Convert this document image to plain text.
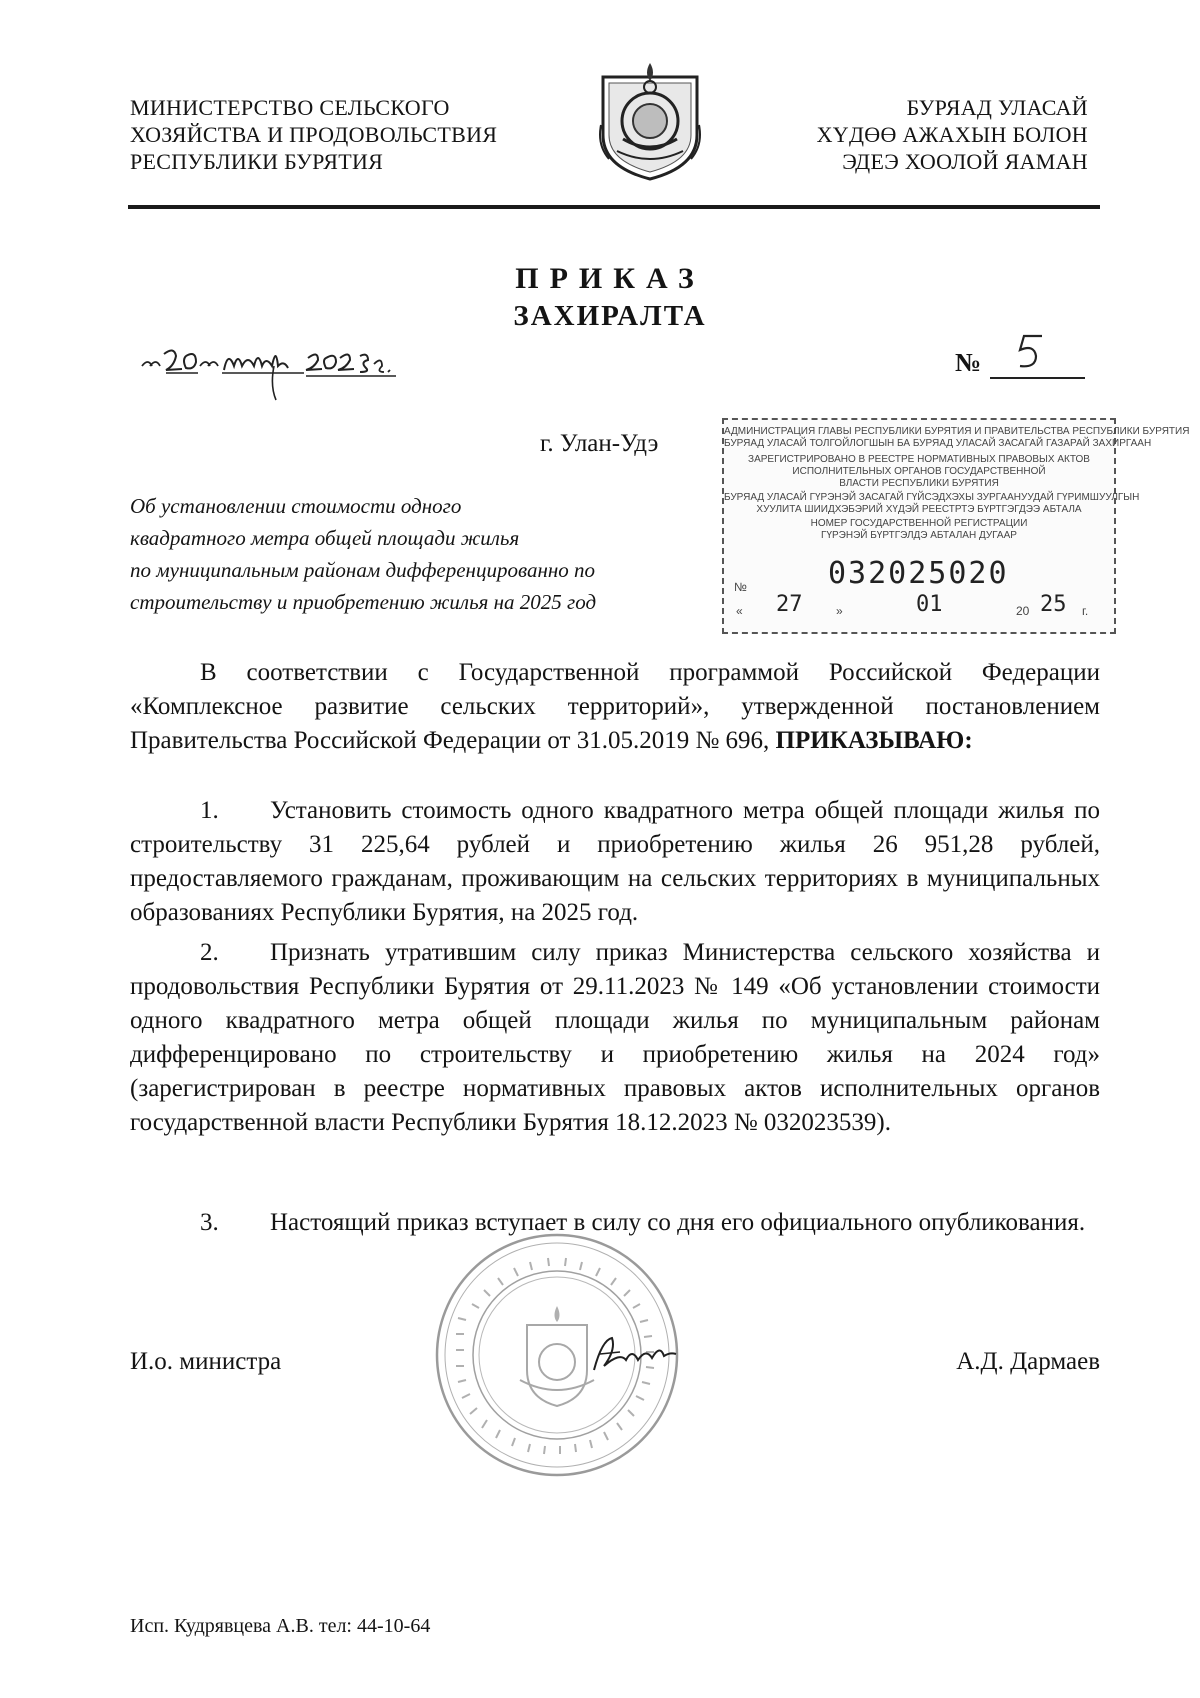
МИНИСТЕРСТВО СЕЛЬСКОГО
ХОЗЯЙСТВА И ПРОДОВОЛЬСТВИЯ
РЕСПУБЛИКИ БУРЯТИЯ
БУРЯАД УЛАСАЙ
ХҮДӨӨ АЖАХЫН БОЛОН
ЭДЕЭ ХООЛОЙ ЯАМАН
ПРИКАЗ
ЗАХИРАЛТА
№
г. Улан-Удэ
Об установлении стоимости одного
квадратного метра общей площади жилья
по муниципальным районам дифференцированно по
строительству и приобретению жилья на 2025 год
АДМИНИСТРАЦИЯ ГЛАВЫ РЕСПУБЛИКИ БУРЯТИЯ И ПРАВИТЕЛЬСТВА РЕСПУБЛИКИ БУРЯТИЯ
БУРЯАД УЛАСАЙ ТОЛГОЙЛОГШЫН БА БУРЯАД УЛАСАЙ ЗАСАГАЙ ГАЗАРАЙ ЗАХИРГААН
ЗАРЕГИСТРИРОВАНО В РЕЕСТРЕ НОРМАТИВНЫХ ПРАВОВЫХ АКТОВ
ИСПОЛНИТЕЛЬНЫХ ОРГАНОВ ГОСУДАРСТВЕННОЙ
ВЛАСТИ РЕСПУБЛИКИ БУРЯТИЯ
БУРЯАД УЛАСАЙ ГҮРЭНЭЙ ЗАСАГАЙ ГҮЙСЭДХЭХЫ ЗУРГААНУУДАЙ ГҮРИМШУУЛГЫН
ХУУЛИТА ШИИДХЭБЭРИЙ ХҮДЭЙ РЕЕСТРТЭ БҮРТГЭГДЭЭ АБТАЛА
НОМЕР ГОСУДАРСТВЕННОЙ РЕГИСТРАЦИИ
ГҮРЭНЭЙ БҮРТГЭЛДЭ АБТАЛАН ДУГААР
№	032025020
« 27	»	01	20 25 г.

В соответствии с Государственной программой Российской Федерации «Комплексное развитие сельских территорий», утвержденной постановлением Правительства Российской Федерации от 31.05.2019 № 696, ПРИКАЗЫВАЮ:

1. Установить стоимость одного квадратного метра общей площади жилья по строительству 31 225,64 рублей и приобретению жилья 26 951,28 рублей, предоставляемого гражданам, проживающим на сельских территориях в муниципальных образованиях Республики Бурятия, на 2025 год.

2. Признать утратившим силу приказ Министерства сельского хозяйства и продовольствия Республики Бурятия от 29.11.2023 № 149 «Об установлении стоимости одного квадратного метра общей площади жилья по муниципальным районам дифференцировано по строительству и приобретению жилья на 2024 год» (зарегистрирован в реестре нормативных правовых актов исполнительных органов государственной власти Республики Бурятия 18.12.2023 № 032023539).

3. Настоящий приказ вступает в силу со дня его официального опубликования.

И.о. министра	А.Д. Дармаев
Исп. Кудрявцева А.В. тел: 44-10-64
